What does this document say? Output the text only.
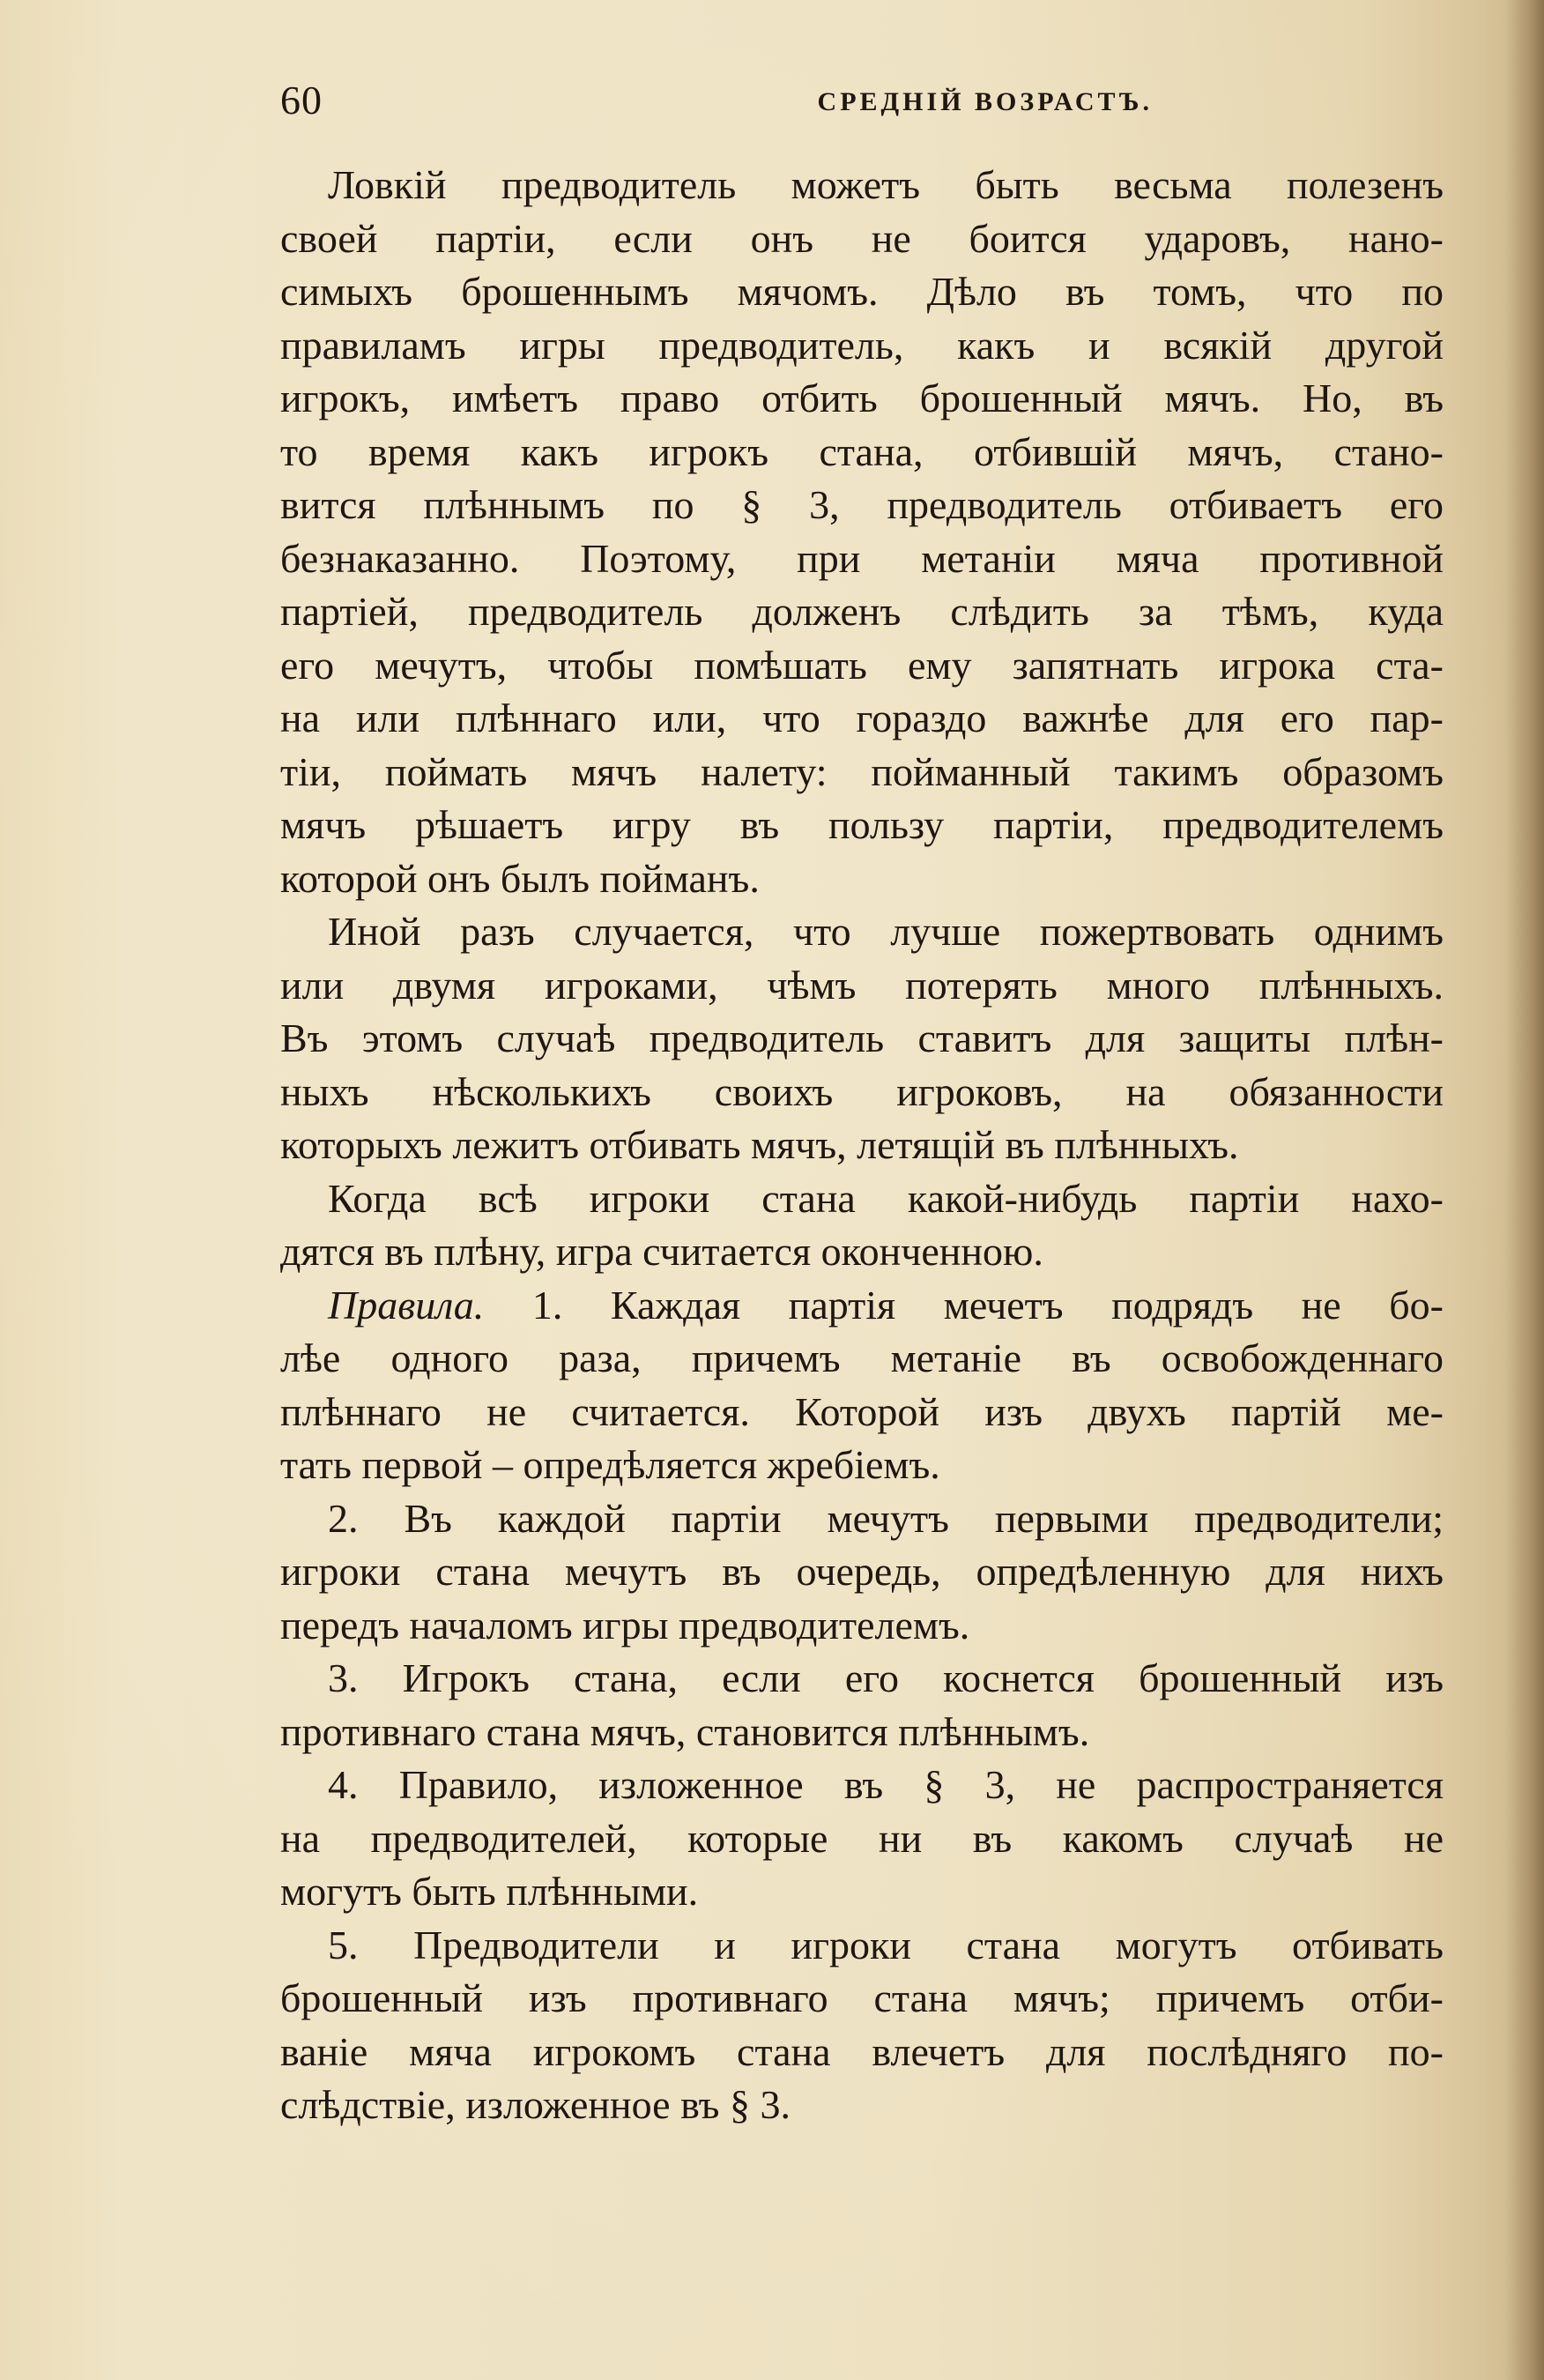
60	СРЕДНІЙ ВОЗРАСТЪ.
Ловкій предводитель можетъ быть весьма полезенъ
своей партіи, если онъ не боится ударовъ, нано-
симыхъ брошеннымъ мячомъ. Дѣло въ томъ, что по
правиламъ игры предводитель, какъ и всякій другой
игрокъ, имѣетъ право отбить брошенный мячъ. Но, въ
то время какъ игрокъ стана, отбившій мячъ, стано-
вится плѣннымъ по § 3, предводитель отбиваетъ его
безнаказанно. Поэтому, при метаніи мяча противной
партіей, предводитель долженъ слѣдить за тѣмъ, куда
его мечутъ, чтобы помѣшать ему запятнать игрока ста-
на или плѣннаго или, что гораздо важнѣе для его пар-
тіи, поймать мячъ налету: пойманный такимъ образомъ
мячъ рѣшаетъ игру въ пользу партіи, предводителемъ
которой онъ былъ пойманъ.
Иной разъ случается, что лучше пожертвовать однимъ
или двумя игроками, чѣмъ потерять много плѣнныхъ.
Въ этомъ случаѣ предводитель ставитъ для защиты плѣн-
ныхъ нѣсколькихъ своихъ игроковъ, на обязанности
которыхъ лежитъ отбивать мячъ, летящій въ плѣнныхъ.
Когда всѣ игроки стана какой-нибудь партіи нахо-
дятся въ плѣну, игра считается оконченною.
Правила. 1. Каждая партія мечетъ подрядъ не бо-
лѣе одного раза, причемъ метаніе въ освобожденнаго
плѣннаго не считается. Которой изъ двухъ партій ме-
тать первой – опредѣляется жребіемъ.
2. Въ каждой партіи мечутъ первыми предводители;
игроки стана мечутъ въ очередь, опредѣленную для нихъ
передъ началомъ игры предводителемъ.
3. Игрокъ стана, если его коснется брошенный изъ
противнаго стана мячъ, становится плѣннымъ.
4. Правило, изложенное въ § 3, не распространяется
на предводителей, которые ни въ какомъ случаѣ не
могутъ быть плѣнными.
5. Предводители и игроки стана могутъ отбивать
брошенный изъ противнаго стана мячъ; причемъ отби-
ваніе мяча игрокомъ стана влечетъ для послѣдняго по-
слѣдствіе, изложенное въ § 3.
